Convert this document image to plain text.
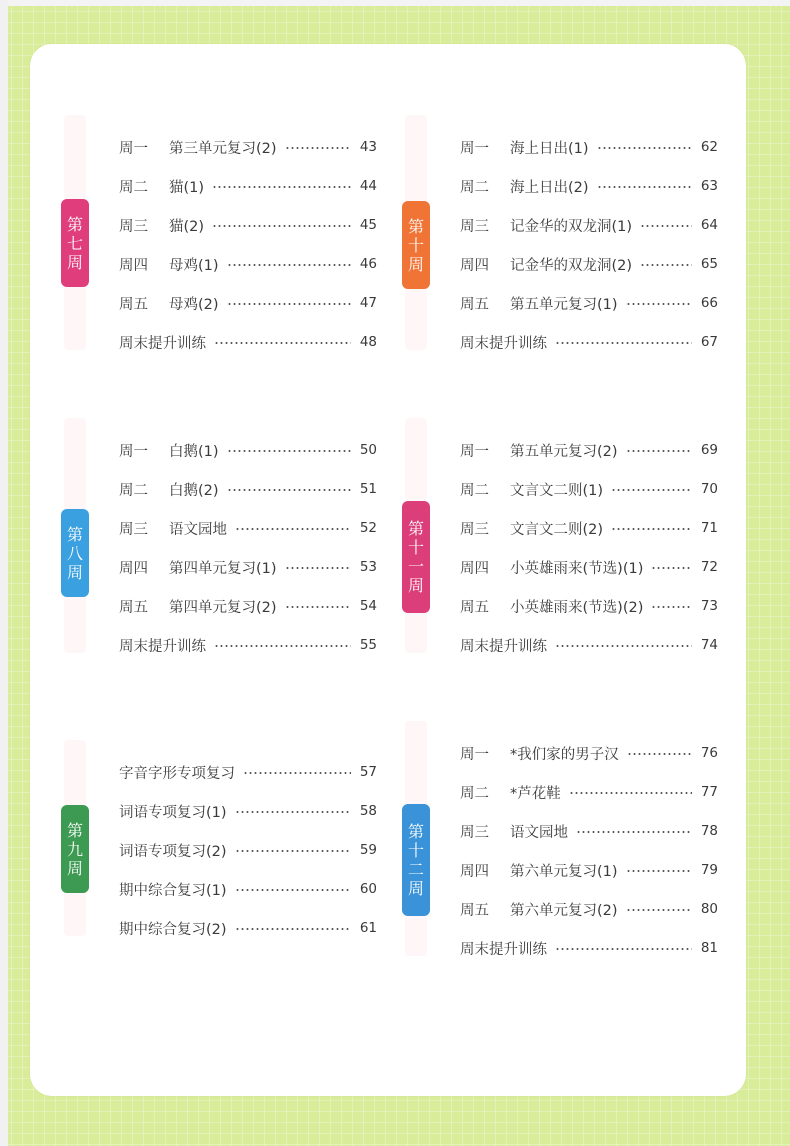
第
七
周
周一	第三单元复习(2)	43
周二	猫(1)	44
周三	猫(2)	45
周四	母鸡(1)	46
周五	母鸡(2)	47
周末提升训练	48
第
八
周
周一	白鹅(1)	50
周二	白鹅(2)	51
周三	语文园地	52
周四	第四单元复习(1)	53
周五	第四单元复习(2)	54
周末提升训练	55
第
九
周
字音字形专项复习	57
词语专项复习(1)	58
词语专项复习(2)	59
期中综合复习(1)	60
期中综合复习(2)	61
第
十
周
周一	海上日出(1)	62
周二	海上日出(2)	63
周三	记金华的双龙洞(1)	64
周四	记金华的双龙洞(2)	65
周五	第五单元复习(1)	66
周末提升训练	67
第
十
一
周
周一	第五单元复习(2)	69
周二	文言文二则(1)	70
周三	文言文二则(2)	71
周四	小英雄雨来(节选)(1)	72
周五	小英雄雨来(节选)(2)	73
周末提升训练	74
第
十
二
周
周一	*我们家的男子汉	76
周二	*芦花鞋	77
周三	语文园地	78
周四	第六单元复习(1)	79
周五	第六单元复习(2)	80
周末提升训练	81
